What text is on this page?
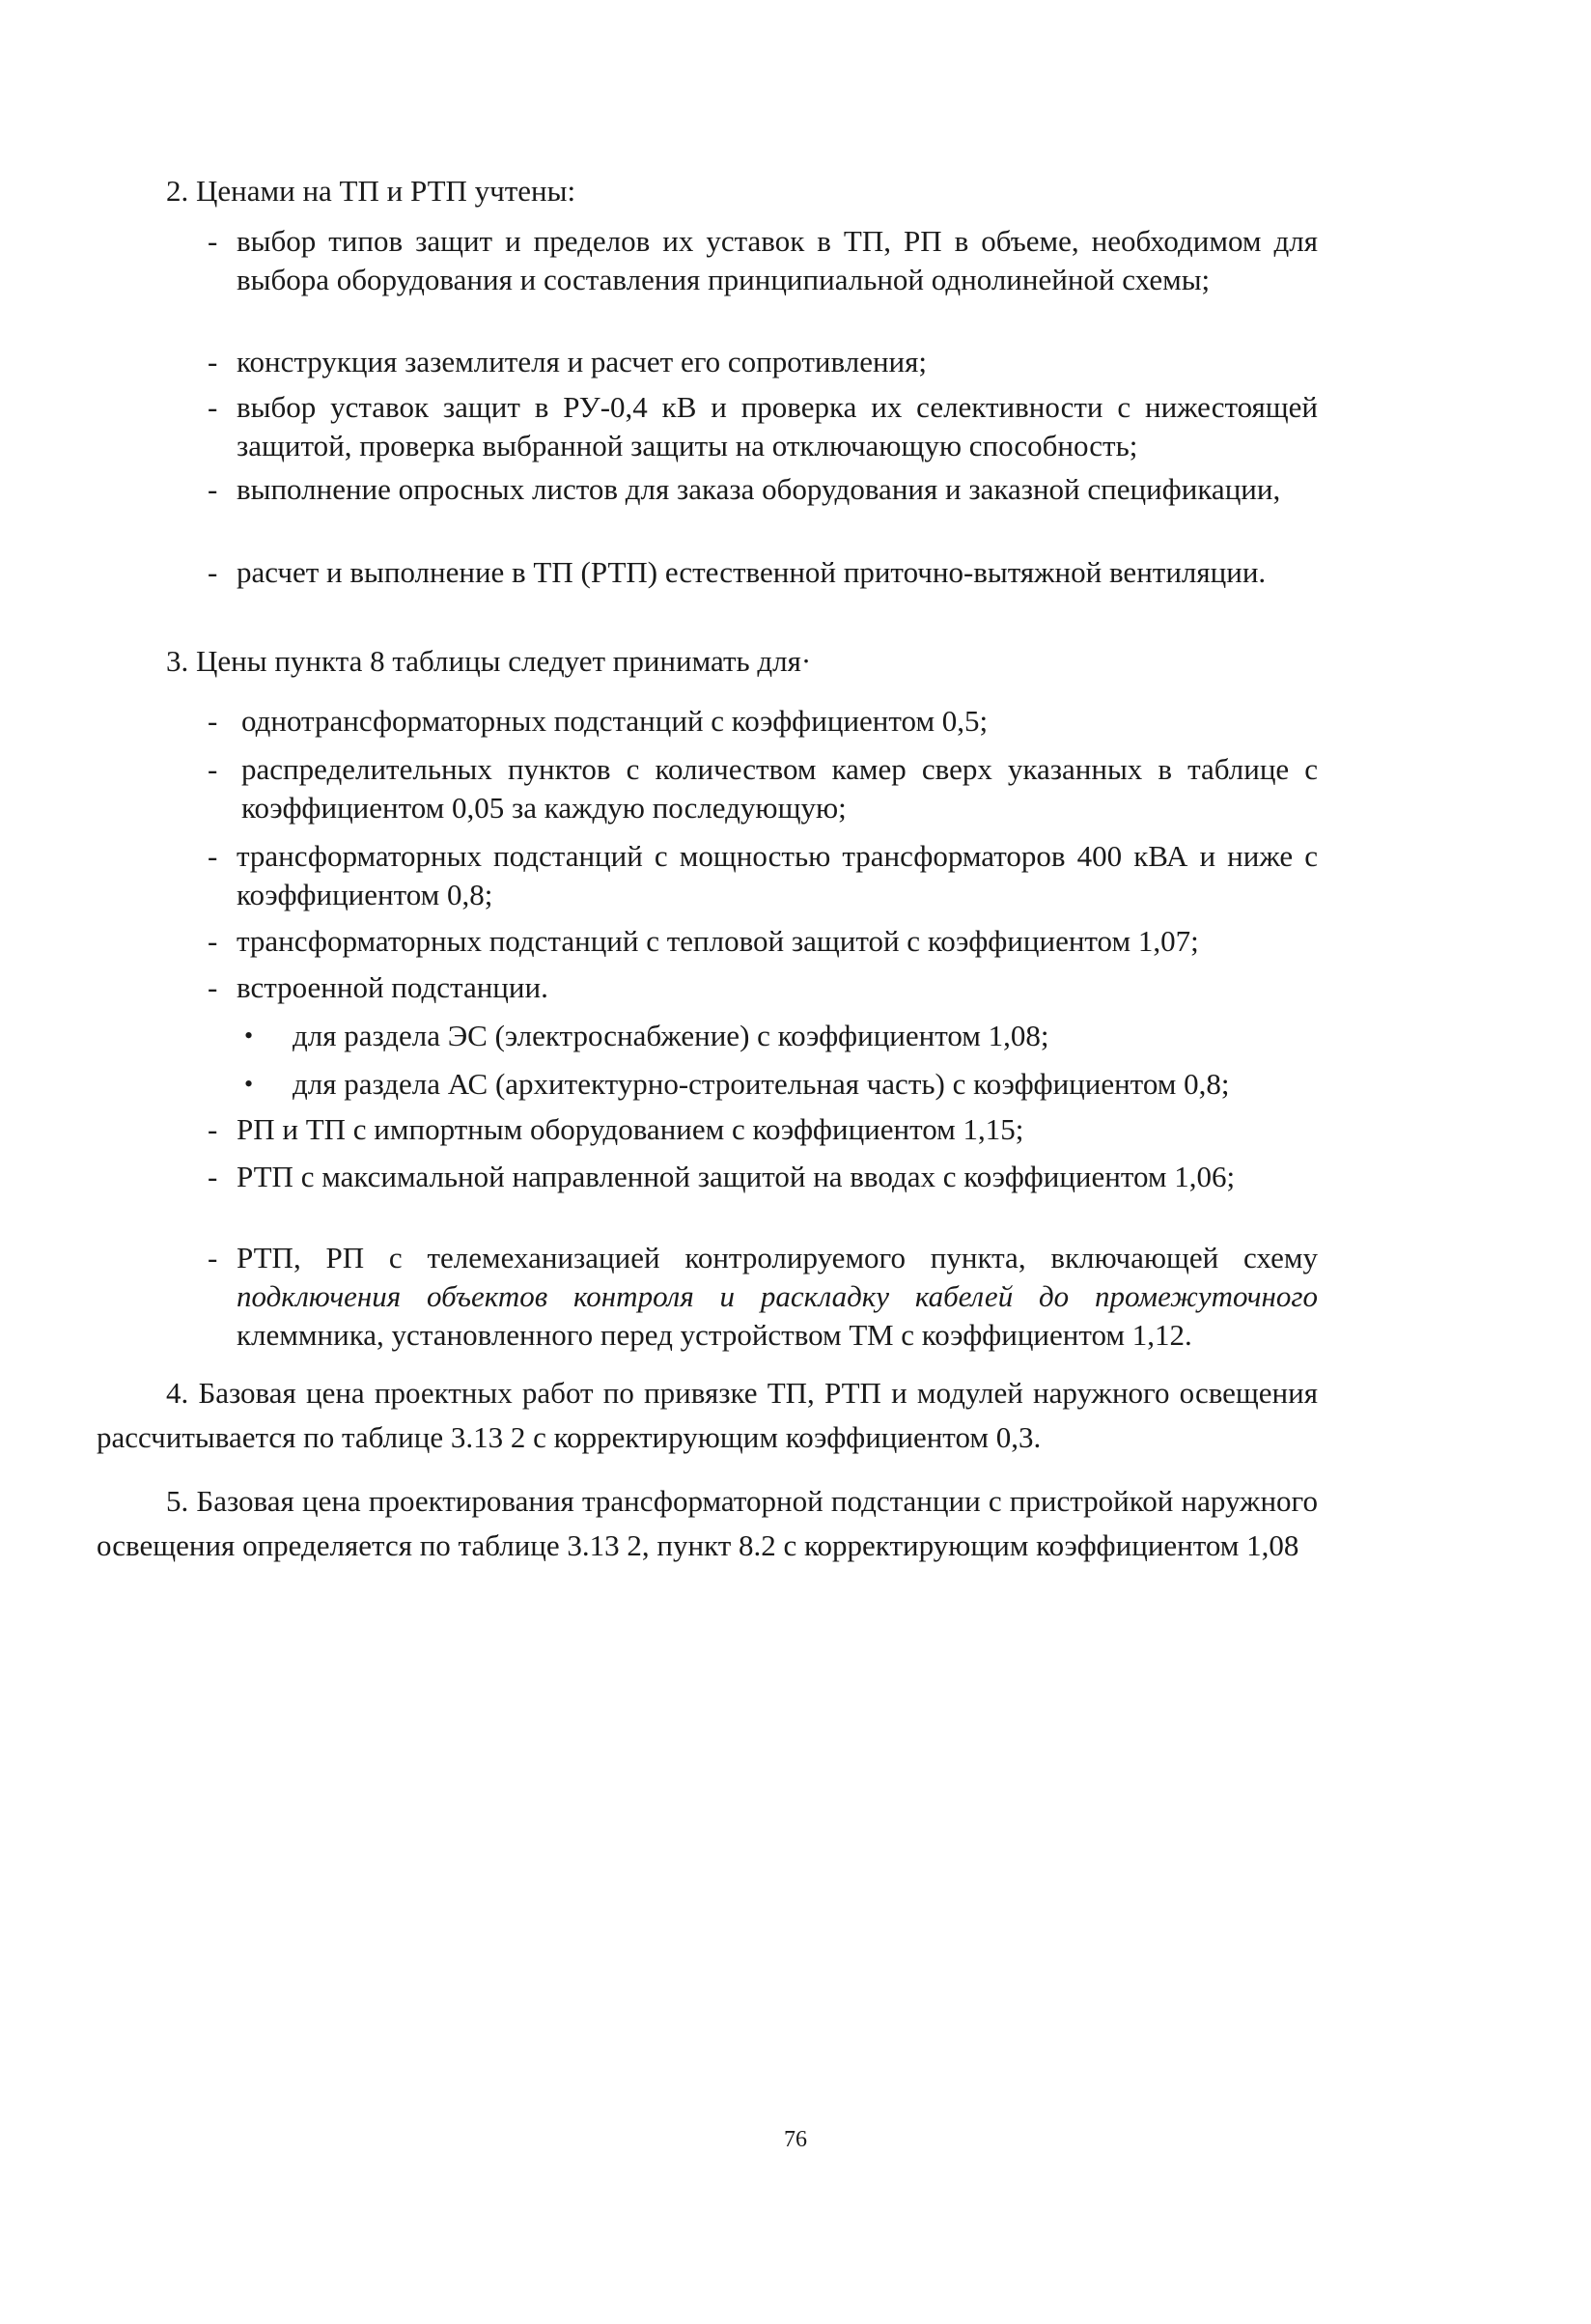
2. Ценами на ТП и РТП учтены:
- выбор типов защит и пределов их уставок в ТП, РП в объеме, необходимом для выбора оборудования и составления принципиальной однолинейной схемы;
- конструкция заземлителя и расчет его сопротивления;
- выбор уставок защит в РУ-0,4 кВ и проверка их селективности с нижестоящей защитой, проверка выбранной защиты на отключающую способность;
- выполнение опросных листов для заказа оборудования и заказной спецификации,
- расчет и выполнение в ТП (РТП) естественной приточно-вытяжной вентиляции.
3. Цены пункта 8 таблицы следует принимать для·
- однотрансформаторных подстанций с коэффициентом 0,5;
- распределительных пунктов с количеством камер сверх указанных в таблице с коэффициентом 0,05 за каждую последующую;
- трансформаторных подстанций с мощностью трансформаторов 400 кВА и ниже с коэффициентом 0,8;
- трансформаторных подстанций с тепловой защитой с коэффициентом 1,07;
- встроенной подстанции.
• для раздела ЭС (электроснабжение) с коэффициентом 1,08;
• для раздела АС (архитектурно-строительная часть) с коэффициентом 0,8;
- РП и ТП с импортным оборудованием с коэффициентом 1,15;
- РТП с максимальной направленной защитой на вводах с коэффициентом 1,06;
- РТП, РП с телемеханизацией контролируемого пункта, включающей схему подключения объектов контроля и раскладку кабелей до промежуточного клеммника, установленного перед устройством ТМ с коэффициентом 1,12.
4. Базовая цена проектных работ по привязке ТП, РТП и модулей наружного освещения рассчитывается по таблице 3.13 2 с корректирующим коэффициентом 0,3.
5. Базовая цена проектирования трансформаторной подстанции с пристройкой наружного освещения определяется по таблице 3.13 2, пункт 8.2 с корректирующим коэффициентом 1,08
76
